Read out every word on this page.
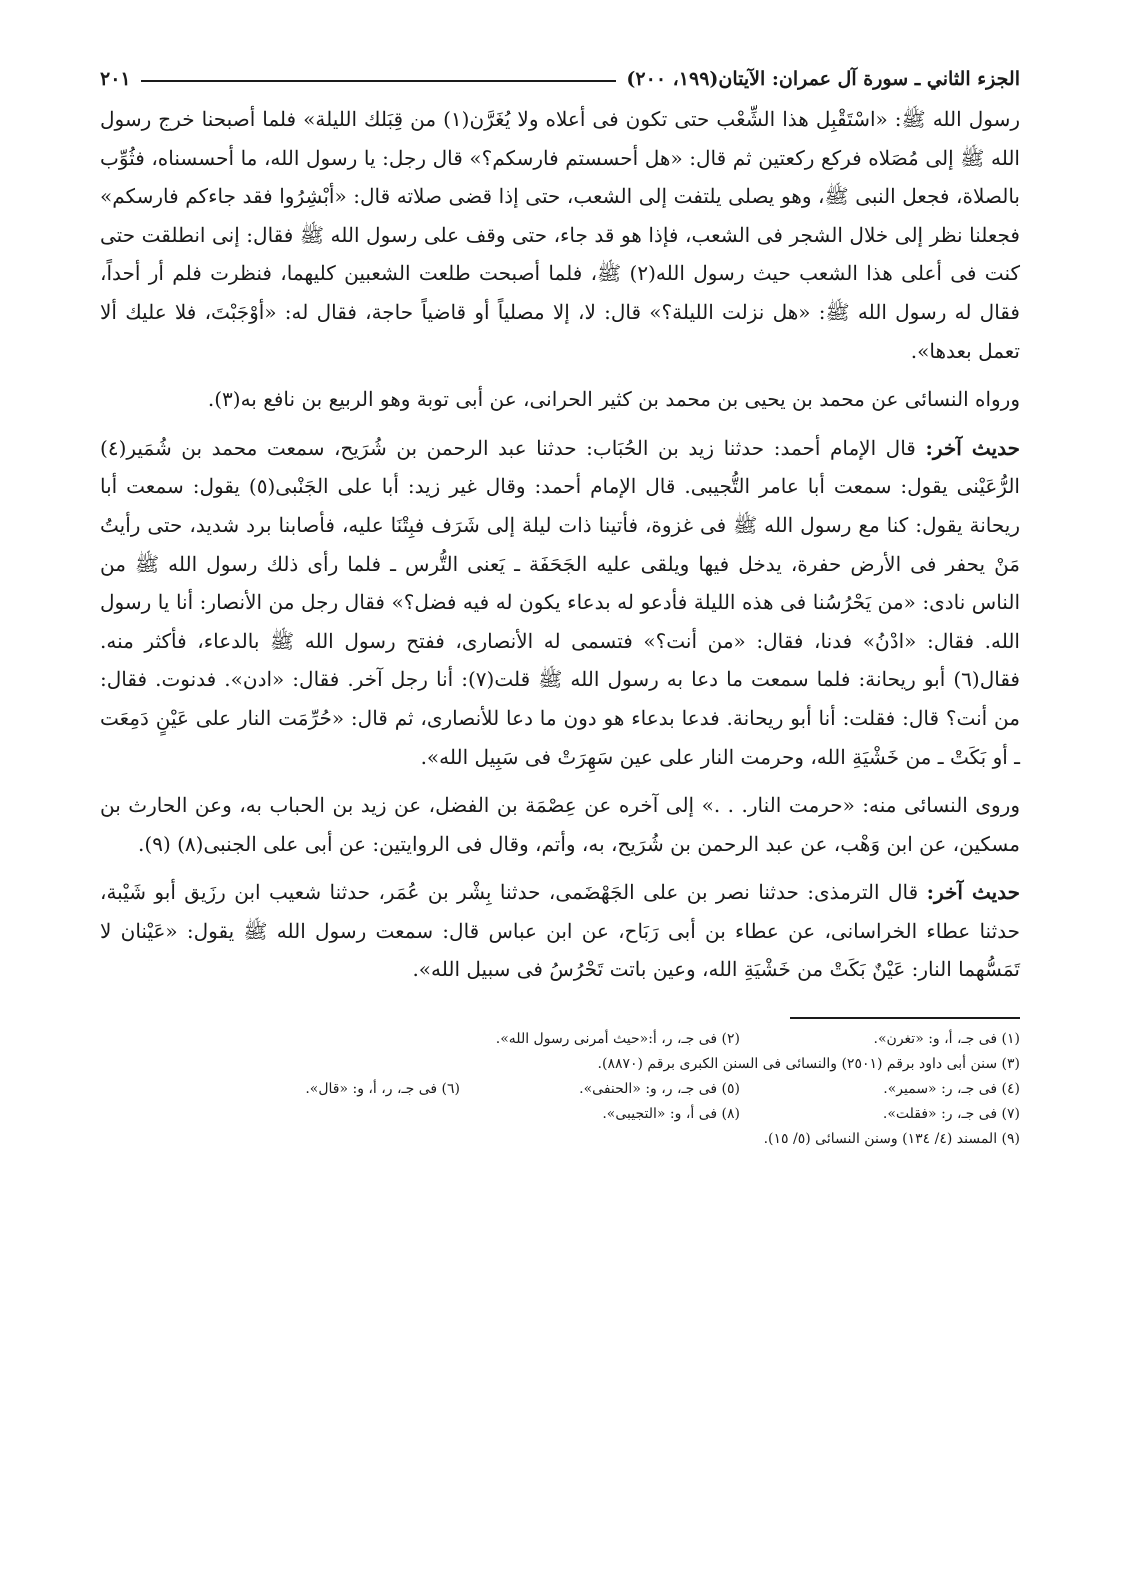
الجزء الثاني ـ سورة آل عمران: الآيتان(١٩٩، ٢٠٠)
٢٠١

رسول الله ﷺ: «اسْتَقْبِل هذا الشِّعْب حتى تكون فى أعلاه ولا يُغَرَّن(١) من قِبَلك الليلة» فلما أصبحنا خرج رسول الله ﷺ إلى مُصَلاه فركع ركعتين ثم قال: «هل أحسستم فارسكم؟» قال رجل: يا رسول الله، ما أحسسناه، فثُوِّب بالصلاة، فجعل النبى ﷺ، وهو يصلى يلتفت إلى الشعب، حتى إذا قضى صلاته قال: «أبْشِرُوا فقد جاءكم فارسكم» فجعلنا نظر إلى خلال الشجر فى الشعب، فإذا هو قد جاء، حتى وقف على رسول الله ﷺ فقال: إنى انطلقت حتى كنت فى أعلى هذا الشعب حيث رسول الله(٢) ﷺ، فلما أصبحت طلعت الشعبين كليهما، فنظرت فلم أر أحداً، فقال له رسول الله ﷺ: «هل نزلت الليلة؟» قال: لا، إلا مصلياً أو قاضياً حاجة، فقال له: «أوْجَبْتَ، فلا عليك ألا تعمل بعدها».

ورواه النسائى عن محمد بن يحيى بن محمد بن كثير الحرانى، عن أبى توبة وهو الربيع بن نافع به(٣).

حديث آخر: قال الإمام أحمد: حدثنا زيد بن الحُبَاب: حدثنا عبد الرحمن بن شُرَيح، سمعت محمد بن شُمَير(٤) الرُّعَيْنى يقول: سمعت أبا عامر التُّجيبى. قال الإمام أحمد: وقال غير زيد: أبا على الجَنْبى(٥) يقول: سمعت أبا ريحانة يقول: كنا مع رسول الله ﷺ فى غزوة، فأتينا ذات ليلة إلى شَرَف فبِتْنَا عليه، فأصابنا برد شديد، حتى رأيتُ مَنْ يحفر فى الأرض حفرة، يدخل فيها ويلقى عليه الجَحَفَة ـ يَعنى التُّرس ـ فلما رأى ذلك رسول الله ﷺ من الناس نادى: «من يَحْرُسُنا فى هذه الليلة فأدعو له بدعاء يكون له فيه فضل؟» فقال رجل من الأنصار: أنا يا رسول الله. فقال: «ادْنُ» فدنا، فقال: «من أنت؟» فتسمى له الأنصارى، ففتح رسول الله ﷺ بالدعاء، فأكثر منه. فقال(٦) أبو ريحانة: فلما سمعت ما دعا به رسول الله ﷺ قلت(٧): أنا رجل آخر. فقال: «ادن». فدنوت. فقال: من أنت؟ قال: فقلت: أنا أبو ريحانة. فدعا بدعاء هو دون ما دعا للأنصارى، ثم قال: «حُرِّمَت النار على عَيْنٍ دَمِعَت ـ أو بَكَتْ ـ من خَشْيَةِ الله، وحرمت النار على عين سَهِرَتْ فى سَبِيل الله».

وروى النسائى منه: «حرمت النار. . .» إلى آخره عن عِصْمَة بن الفضل، عن زيد بن الحباب به، وعن الحارث بن مسكين، عن ابن وَهْب، عن عبد الرحمن بن شُرَيح، به، وأتم، وقال فى الروايتين: عن أبى على الجنبى(٨) (٩).

حديث آخر: قال الترمذى: حدثنا نصر بن على الجَهْضَمى، حدثنا بِشْر بن عُمَر، حدثنا شعيب ابن رزَيق أبو شَيْبة، حدثنا عطاء الخراسانى، عن عطاء بن أبى رَبَاح، عن ابن عباس قال: سمعت رسول الله ﷺ يقول: «عَيْنان لا تَمَسُّهما النار: عَيْنٌ بَكَتْ من خَشْيَةِ الله، وعين باتت تَحْرُسُ فى سبيل الله».

(١) فى جـ، أ، و: «تغرن».
(٢) فى جـ، ر، أ:«حيث أمرنى رسول الله».
(٣) سنن أبى داود برقم (٢٥٠١) والنسائى فى السنن الكبرى برقم (٨٨٧٠).
(٤) فى جـ، ر: «سمير».
(٥) فى جـ، ر، و: «الحنفى».
(٦) فى جـ، ر، أ، و: «قال».
(٧) فى جـ، ر: «فقلت».
(٨) فى أ، و: «التجيبى».
(٩) المسند (٤/ ١٣٤) وسنن النسائى (٥/ ١٥).
